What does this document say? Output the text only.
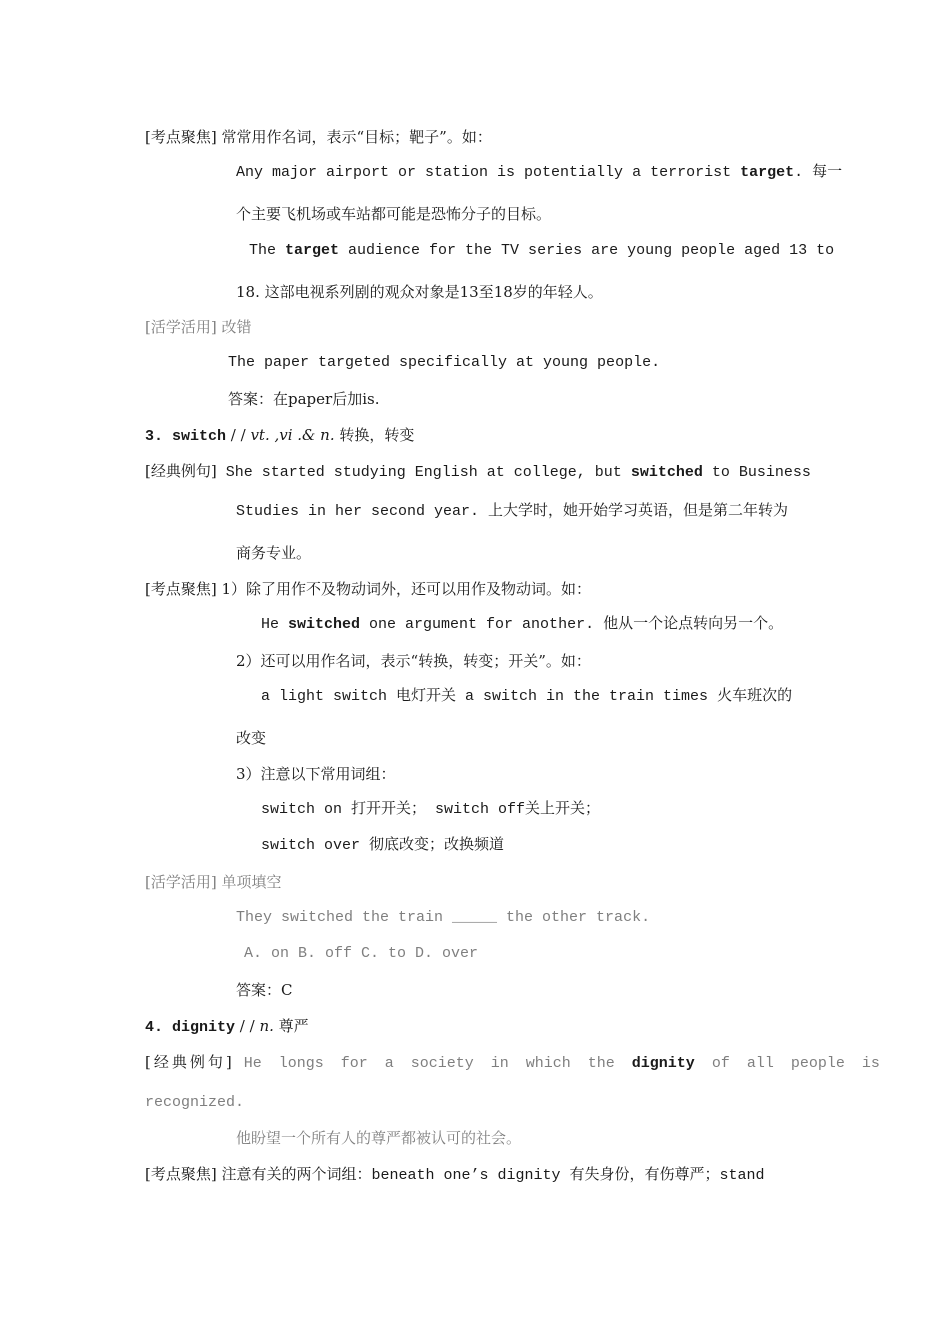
[考点聚焦] 常常用作名词，表示“目标；靶子”。如：
Any major airport or station is potentially a terrorist target. 每一
个主要飞机场或车站都可能是恐怖分子的目标。
The target audience for the TV series are young people aged 13 to
18. 这部电视系列剧的观众对象是13至18岁的年轻人。
[活学活用] 改错
The paper targeted specifically at young people.
答案：在paper后加is.
3. switch / / vt. ,vi .& n. 转换，转变
[经典例句] She started studying English at college, but switched to Business
Studies in her second year. 上大学时，她开始学习英语，但是第二年转为
商务专业。
[考点聚焦] 1）除了用作不及物动词外，还可以用作及物动词。如：
He switched one argument for another. 他从一个论点转向另一个。
2）还可以用作名词，表示“转换，转变；开关”。如：
a light switch 电灯开关 a switch in the train times 火车班次的
改变
3）注意以下常用词组：
switch on 打开开关； switch off关上开关；
switch over 彻底改变；改换频道
[活学活用] 单项填空
They switched the train _____ the other track.
A. on B. off C. to D. over
答案：C
4. dignity / / n. 尊严
[经典例句] He longs for a society in which the dignity of all people is
recognized.
他盼望一个所有人的尊严都被认可的社会。
[考点聚焦] 注意有关的两个词组：beneath one’s dignity 有失身份，有伤尊严；stand
